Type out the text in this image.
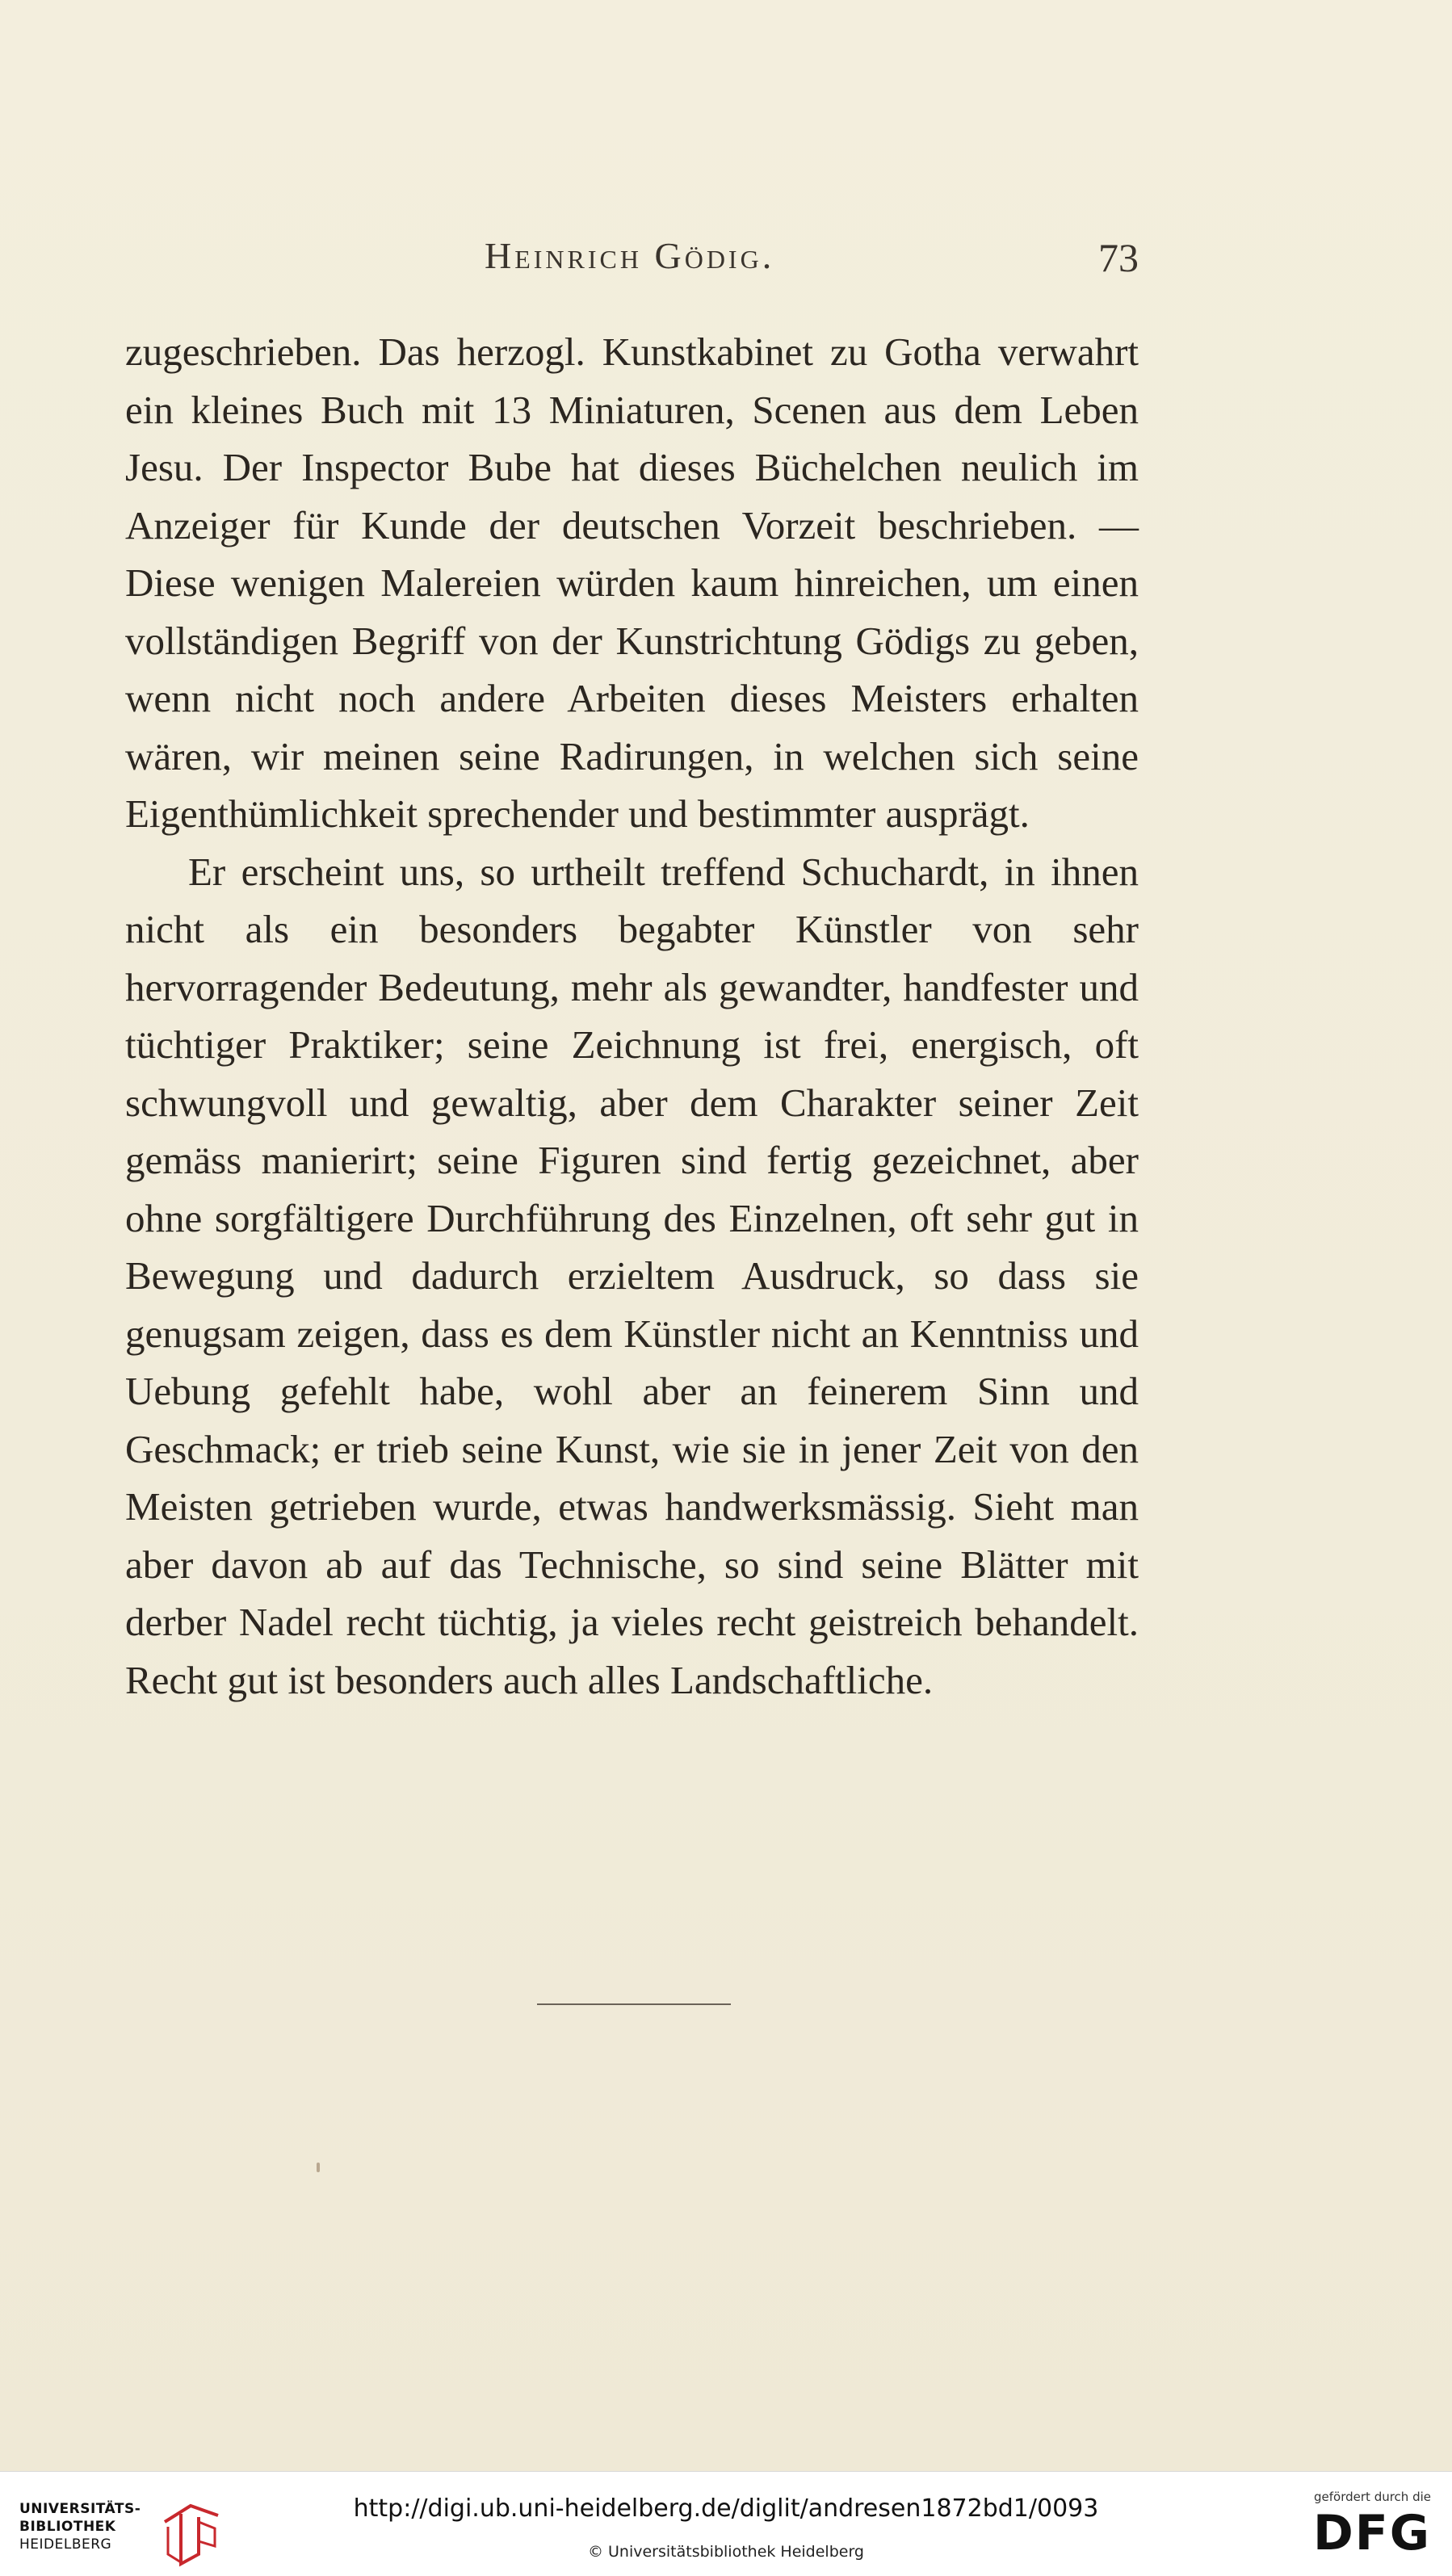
Heinrich Gödig.	73

zugeschrieben. Das herzogl. Kunstkabinet zu Gotha verwahrt ein kleines Buch mit 13 Miniaturen, Scenen aus dem Leben Jesu. Der Inspector Bube hat dieses Büchelchen neulich im Anzeiger für Kunde der deutschen Vorzeit beschrieben. — Diese wenigen Malereien würden kaum hinreichen, um einen vollständigen Begriff von der Kunstrichtung Gödigs zu geben, wenn nicht noch andere Arbeiten dieses Meisters erhalten wären, wir meinen seine Radirungen, in welchen sich seine Eigenthümlichkeit sprechender und bestimmter ausprägt.

Er erscheint uns, so urtheilt treffend Schuchardt, in ihnen nicht als ein besonders begabter Künstler von sehr hervorragender Bedeutung, mehr als gewandter, handfester und tüchtiger Praktiker; seine Zeichnung ist frei, energisch, oft schwungvoll und gewaltig, aber dem Charakter seiner Zeit gemäss manierirt; seine Figuren sind fertig gezeichnet, aber ohne sorgfältigere Durchführung des Einzelnen, oft sehr gut in Bewegung und dadurch erzieltem Ausdruck, so dass sie genugsam zeigen, dass es dem Künstler nicht an Kenntniss und Uebung gefehlt habe, wohl aber an feinerem Sinn und Geschmack; er trieb seine Kunst, wie sie in jener Zeit von den Meisten getrieben wurde, etwas handwerksmässig. Sieht man aber davon ab auf das Technische, so sind seine Blätter mit derber Nadel recht tüchtig, ja vieles recht geistreich behandelt. Recht gut ist besonders auch alles Landschaftliche.

UNIVERSITÄTS-
BIBLIOTHEK
HEIDELBERG
http://digi.ub.uni-heidelberg.de/diglit/andresen1872bd1/0093
© Universitätsbibliothek Heidelberg
gefördert durch die
DFG
